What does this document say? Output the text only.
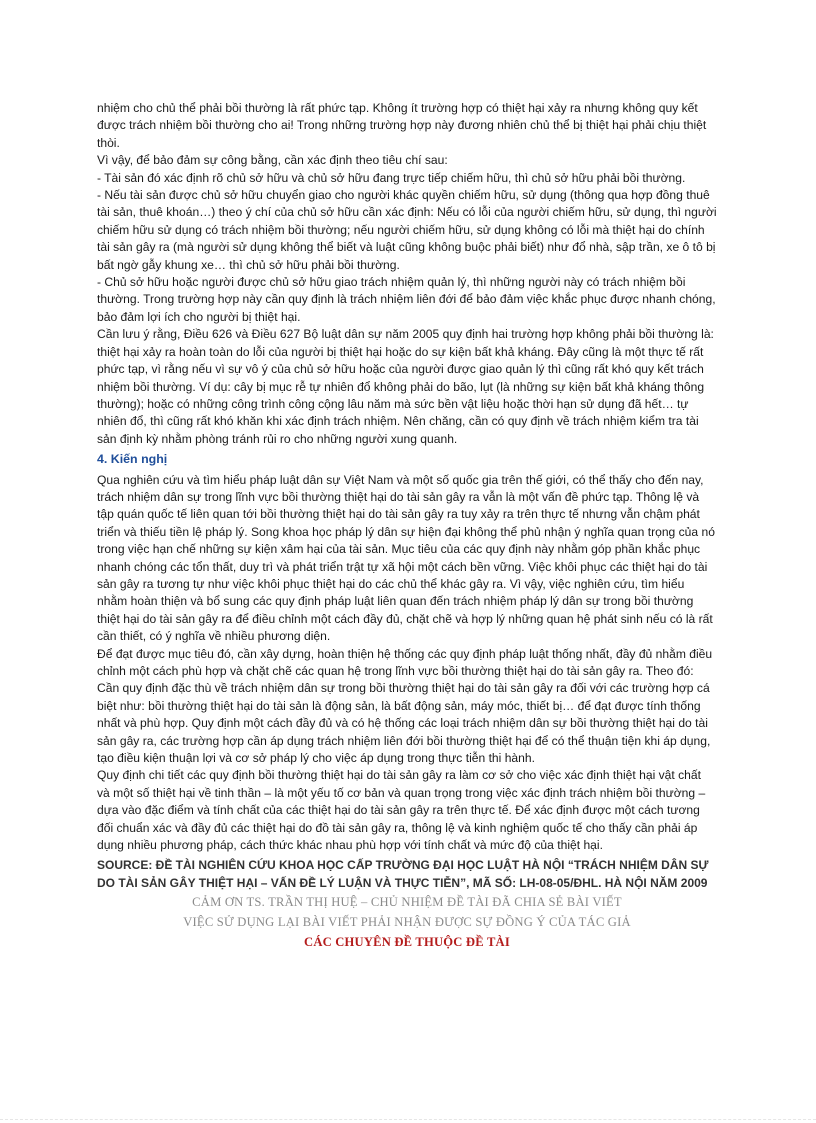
nhiệm cho chủ thể phải bồi thường là rất phức tạp. Không ít trường hợp có thiệt hại xảy ra nhưng không quy kết được trách nhiệm bồi thường cho ai! Trong những trường hợp này đương nhiên chủ thể bị thiệt hại phải chịu thiệt thòi.

Vì vậy, để bảo đảm sự công bằng, cần xác định theo tiêu chí sau:

- Tài sản đó xác định rõ chủ sở hữu và chủ sở hữu đang trực tiếp chiếm hữu, thì chủ sở hữu phải bồi thường.

- Nếu tài sản được chủ sở hữu chuyển giao cho người khác quyền chiếm hữu, sử dụng (thông qua hợp đồng thuê tài sản, thuê khoán…) theo ý chí của chủ sở hữu cần xác định: Nếu có lỗi của người chiếm hữu, sử dụng, thì người chiếm hữu sử dụng có trách nhiệm bồi thường; nếu người chiếm hữu, sử dụng không có lỗi mà thiệt hại do chính tài sản gây ra (mà người sử dụng không thể biết và luật cũng không buộc phải biết) như đổ nhà, sập trần, xe ô tô bị bất ngờ gẫy khung xe… thì chủ sở hữu phải bồi thường.

- Chủ sở hữu hoặc người được chủ sở hữu giao trách nhiệm quản lý, thì những người này có trách nhiệm bồi thường. Trong trường hợp này cần quy định là trách nhiệm liên đới để bảo đảm việc khắc phục được nhanh chóng, bảo đảm lợi ích cho người bị thiệt hại.

Cần lưu ý rằng, Điều 626 và Điều 627 Bộ luật dân sự năm 2005 quy định hai trường hợp không phải bồi thường là: thiệt hại xảy ra hoàn toàn do lỗi của người bị thiệt hại hoặc do sự kiện bất khả kháng. Đây cũng là một thực tế rất phức tạp, vì rằng nếu vì sự vô ý của chủ sở hữu hoặc của người được giao quản lý thì cũng rất khó quy kết trách nhiệm bồi thường. Ví dụ: cây bị mục rễ tự nhiên đổ không phải do bão, lụt (là những sự kiện bất khả kháng thông thường); hoặc có những công trình công cộng lâu năm mà sức bền vật liệu hoặc thời hạn sử dụng đã hết… tự nhiên đổ, thì cũng rất khó khăn khi xác định trách nhiệm. Nên chăng, cần có quy định về trách nhiệm kiểm tra tài sản định kỳ nhằm phòng tránh rủi ro cho những người xung quanh.

4. Kiến nghị

Qua nghiên cứu và tìm hiểu pháp luật dân sự Việt Nam và một số quốc gia trên thế giới, có thể thấy cho đến nay, trách nhiệm dân sự trong lĩnh vực bồi thường thiệt hại do tài sản gây ra vẫn là một vấn đề phức tạp. Thông lệ và tập quán quốc tế liên quan tới bồi thường thiệt hại do tài sản gây ra tuy xảy ra trên thực tế nhưng vẫn chậm phát triển và thiếu tiền lệ pháp lý. Song khoa học pháp lý dân sự hiện đại không thể phủ nhận ý nghĩa quan trọng của nó trong việc hạn chế những sự kiện xâm hại của tài sản. Mục tiêu của các quy định này nhằm góp phần khắc phục nhanh chóng các tổn thất, duy trì và phát triển trật tự xã hội một cách bền vững. Việc khôi phục các thiệt hại do tài sản gây ra tương tự như việc khôi phục thiệt hại do các chủ thể khác gây ra. Vì vậy, việc nghiên cứu, tìm hiểu nhằm hoàn thiện và bổ sung các quy định pháp luật liên quan đến trách nhiệm pháp lý dân sự trong bồi thường thiệt hại do tài sản gây ra để điều chỉnh một cách đầy đủ, chặt chẽ và hợp lý những quan hệ phát sinh nếu có là rất cần thiết, có ý nghĩa về nhiều phương diện.

Để đạt được mục tiêu đó, cần xây dựng, hoàn thiện hệ thống các quy định pháp luật thống nhất, đầy đủ nhằm điều chỉnh một cách phù hợp và chặt chẽ các quan hệ trong lĩnh vực bồi thường thiệt hại do tài sản gây ra. Theo đó: Cần quy định đặc thù về trách nhiệm dân sự trong bồi thường thiệt hại do tài sản gây ra đối với các trường hợp cá biệt như: bồi thường thiệt hại do tài sản là động sản, là bất động sản, máy móc, thiết bị… để đạt được tính thống nhất và phù hợp. Quy định một cách đầy đủ và có hệ thống các loại trách nhiệm dân sự bồi thường thiệt hại do tài sản gây ra, các trường hợp cần áp dụng trách nhiệm liên đới bồi thường thiệt hại để có thể thuận tiện khi áp dụng, tạo điều kiện thuận lợi và cơ sở pháp lý cho việc áp dụng trong thực tiễn thi hành.

Quy định chi tiết các quy định bồi thường thiệt hại do tài sản gây ra làm cơ sở cho việc xác định thiệt hại vật chất và một số thiệt hại về tinh thần – là một yếu tố cơ bản và quan trọng trong việc xác định trách nhiệm bồi thường – dựa vào đặc điểm và tính chất của các thiệt hại do tài sản gây ra trên thực tế. Để xác định được một cách tương đối chuẩn xác và đầy đủ các thiệt hại do đồ tài sản gây ra, thông lệ và kinh nghiệm quốc tế cho thấy cần phải áp dụng nhiều phương pháp, cách thức khác nhau phù hợp với tính chất và mức độ của thiệt hại.

SOURCE: ĐỀ TÀI NGHIÊN CỨU KHOA HỌC CẤP TRƯỜNG ĐẠI HỌC LUẬT HÀ NỘI “TRÁCH NHIỆM DÂN SỰ DO TÀI SẢN GÂY THIỆT HẠI – VẤN ĐỀ LÝ LUẬN VÀ THỰC TIỄN”, MÃ SỐ: LH-08-05/ĐHL. HÀ NỘI NĂM 2009

CẢM ƠN TS. TRẦN THỊ HUỆ – CHỦ NHIỆM ĐỀ TÀI ĐÃ CHIA SẺ BÀI VIẾT
VIỆC SỬ DỤNG LẠI BÀI VIẾT PHẢI NHẬN ĐƯỢC SỰ ĐỒNG Ý CỦA TÁC GIẢ
CÁC CHUYÊN ĐỀ THUỘC ĐỀ TÀI
